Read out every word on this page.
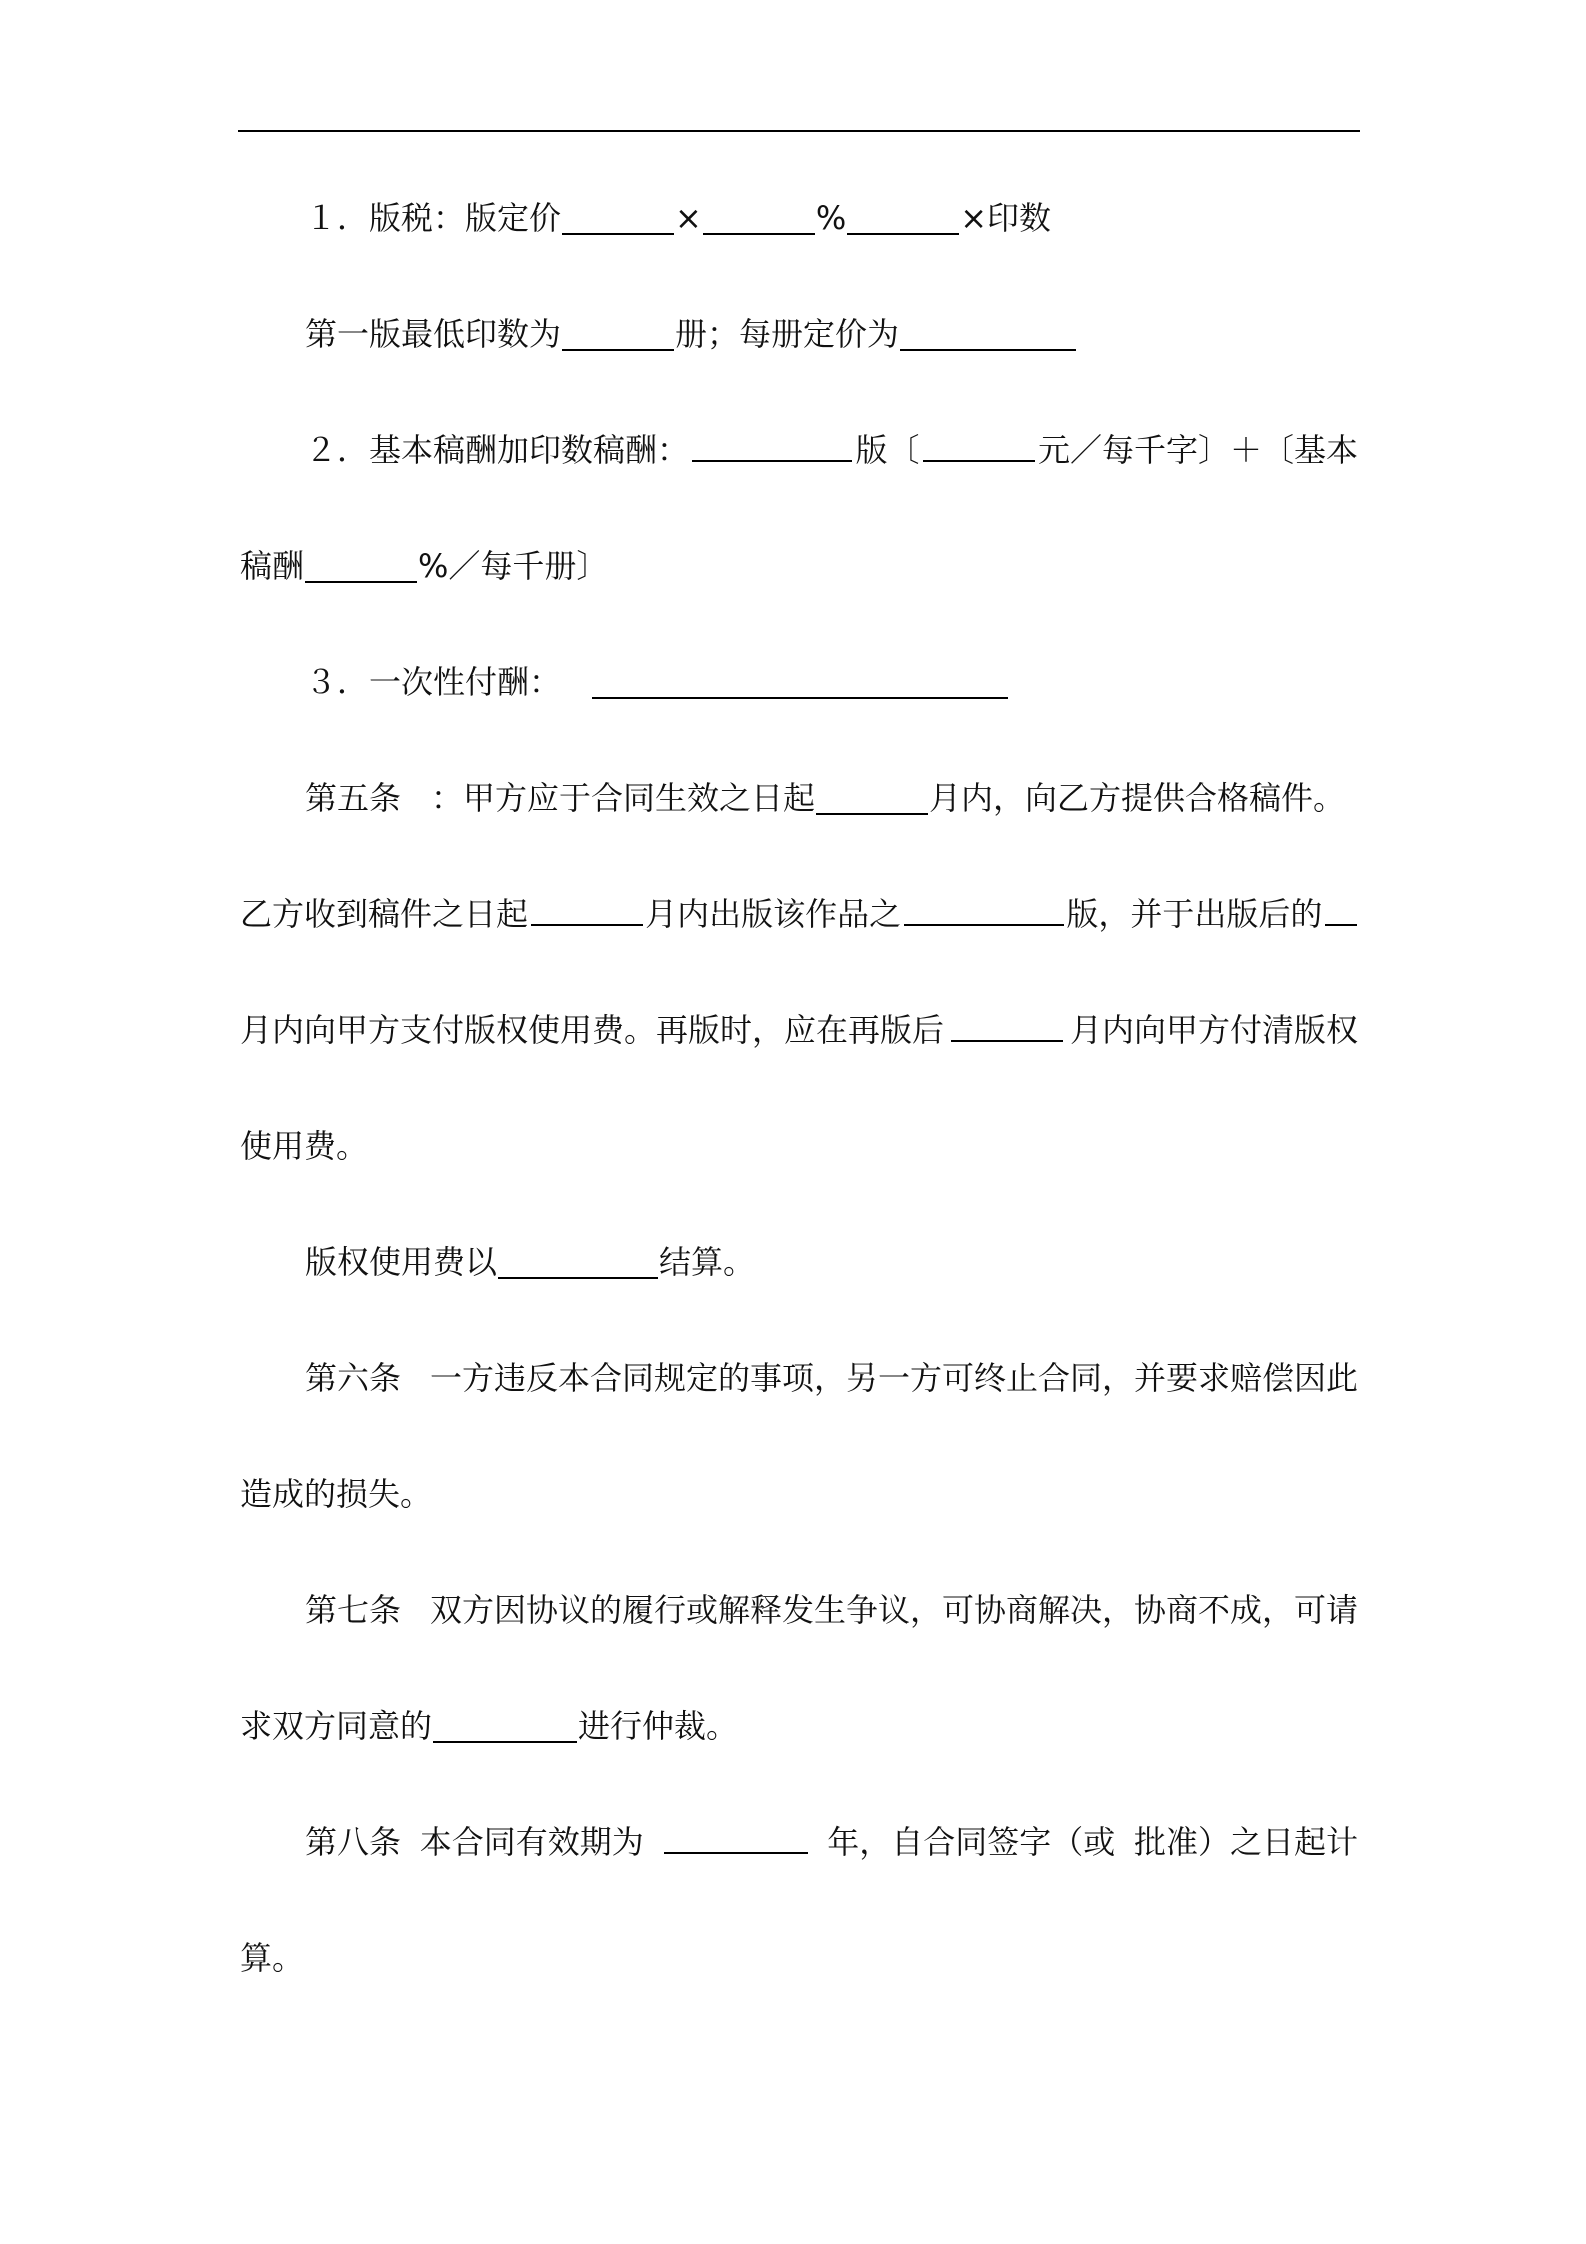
１．版税：版定价	×	%	×印数
第一版最低印数为	册；每册定价为
２．基本稿酬加印数稿酬：	版〔	元／每千字〕＋〔基本
稿酬	%／每千册〕
３．一次性付酬：
第五条 ：甲方应于合同生效之日起	月内，向乙方提供合格稿件。
乙方收到稿件之日起	月内出版该作品之	版，并于出版后的
月内向甲方支付版权使用费。再版时，应在再版后	月内向甲方付清版权
使用费。
版权使用费以	结算。
第六条 一方违反本合同规定的事项，另一方可终止合同，并要求赔偿因此
造成的损失。
第七条 双方因协议的履行或解释发生争议，可协商解决，协商不成，可请
求双方同意的	进行仲裁。
第八条 本合同有效期为	年，自合同签字（或 批准）之日起计
算。
